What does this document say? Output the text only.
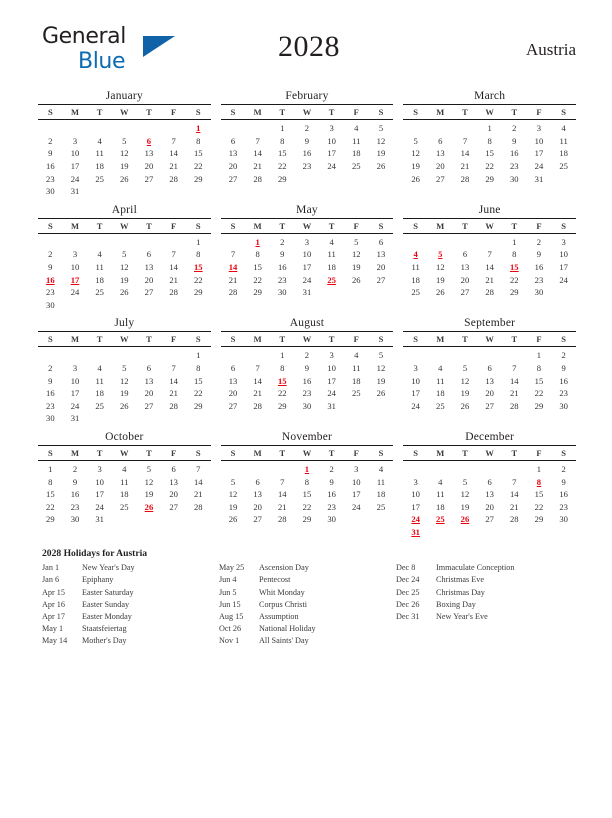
General
Blue	2028	Austria
January
S	M	T	W	T	F	S
						1
2	3	4	5	6	7	8
9	10	11	12	13	14	15
16	17	18	19	20	21	22
23	24	25	26	27	28	29
30	31					
February
S	M	T	W	T	F	S
		1	2	3	4	5
6	7	8	9	10	11	12
13	14	15	16	17	18	19
20	21	22	23	24	25	26
27	28	29				
March
S	M	T	W	T	F	S
			1	2	3	4
5	6	7	8	9	10	11
12	13	14	15	16	17	18
19	20	21	22	23	24	25
26	27	28	29	30	31	
April
S	M	T	W	T	F	S
						1
2	3	4	5	6	7	8
9	10	11	12	13	14	15
16	17	18	19	20	21	22
23	24	25	26	27	28	29
30						
May
S	M	T	W	T	F	S
	1	2	3	4	5	6
7	8	9	10	11	12	13
14	15	16	17	18	19	20
21	22	23	24	25	26	27
28	29	30	31			
June
S	M	T	W	T	F	S
				1	2	3
4	5	6	7	8	9	10
11	12	13	14	15	16	17
18	19	20	21	22	23	24
25	26	27	28	29	30	
July
S	M	T	W	T	F	S
						1
2	3	4	5	6	7	8
9	10	11	12	13	14	15
16	17	18	19	20	21	22
23	24	25	26	27	28	29
30	31					
August
S	M	T	W	T	F	S
		1	2	3	4	5
6	7	8	9	10	11	12
13	14	15	16	17	18	19
20	21	22	23	24	25	26
27	28	29	30	31		
September
S	M	T	W	T	F	S
					1	2
3	4	5	6	7	8	9
10	11	12	13	14	15	16
17	18	19	20	21	22	23
24	25	26	27	28	29	30
October
S	M	T	W	T	F	S
1	2	3	4	5	6	7
8	9	10	11	12	13	14
15	16	17	18	19	20	21
22	23	24	25	26	27	28
29	30	31				
November
S	M	T	W	T	F	S
			1	2	3	4
5	6	7	8	9	10	11
12	13	14	15	16	17	18
19	20	21	22	23	24	25
26	27	28	29	30		
December
S	M	T	W	T	F	S
					1	2
3	4	5	6	7	8	9
10	11	12	13	14	15	16
17	18	19	20	21	22	23
24	25	26	27	28	29	30
31						
2028 Holidays for Austria
Jan 1	New Year's Day
Jan 6	Epiphany
Apr 15	Easter Saturday
Apr 16	Easter Sunday
Apr 17	Easter Monday
May 1	Staatsfeiertag
May 14	Mother's Day
May 25	Ascension Day
Jun 4	Pentecost
Jun 5	Whit Monday
Jun 15	Corpus Christi
Aug 15	Assumption
Oct 26	National Holiday
Nov 1	All Saints' Day
Dec 8	Immaculate Conception
Dec 24	Christmas Eve
Dec 25	Christmas Day
Dec 26	Boxing Day
Dec 31	New Year's Eve
